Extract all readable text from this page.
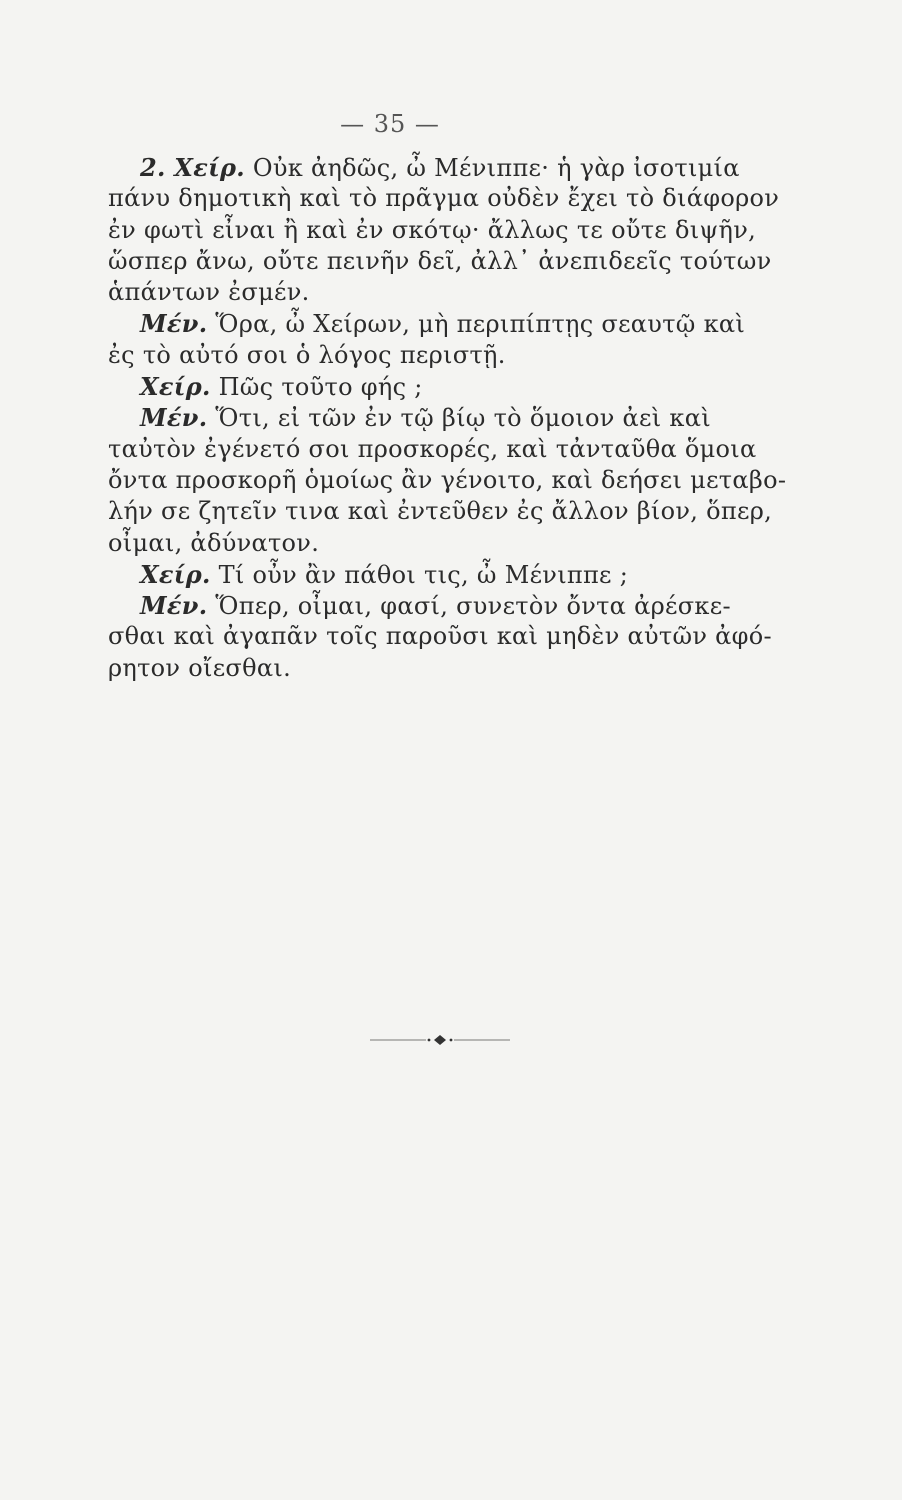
— 35 —
2. Χείρ. Οὐκ ἀηδῶς, ὦ Μένιππε· ἡ γὰρ ἰσοτιμία
πάνυ δημοτικὴ καὶ τὸ πρᾶγμα οὐδὲν ἔχει τὸ διάφορον
ἐν φωτὶ εἶναι ἢ καὶ ἐν σκότῳ· ἄλλως τε οὔτε διψῆν,
ὥσπερ ἄνω, οὔτε πεινῆν δεῖ, ἀλλ᾽ ἀνεπιδεεῖς τούτων
ἁπάντων ἐσμέν.
Μέν. Ὅρα, ὦ Χείρων, μὴ περιπίπτῃς σεαυτῷ καὶ
ἐς τὸ αὐτό σοι ὁ λόγος περιστῇ.
Χείρ. Πῶς τοῦτο φής ;
Μέν. Ὅτι, εἰ τῶν ἐν τῷ βίῳ τὸ ὅμοιον ἀεὶ καὶ
ταὐτὸν ἐγένετό σοι προσκορές, καὶ τἀνταῦθα ὅμοια
ὄντα προσκορῆ ὁμοίως ἂν γένοιτο, καὶ δεήσει μεταβο-
λήν σε ζητεῖν τινα καὶ ἐντεῦθεν ἐς ἄλλον βίον, ὅπερ,
οἶμαι, ἀδύνατον.
Χείρ. Τί οὖν ἂν πάθοι τις, ὦ Μένιππε ;
Μέν. Ὅπερ, οἶμαι, φασί, συνετὸν ὄντα ἀρέσκε-
σθαι καὶ ἀγαπᾶν τοῖς παροῦσι καὶ μηδὲν αὐτῶν ἀφό-
ρητον οἴεσθαι.
